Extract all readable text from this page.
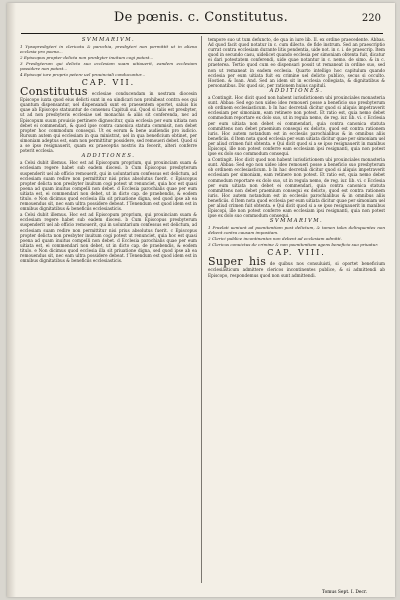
De pœnis. c. Constitutus.	220
SVMMARIVM.

1 Ypsopresbyteri in clericatu & parochia, presbyteri non permittit ut in aliena ecclesia pro poena...

2 Episcopus propter delicta non presbyter inuitum cogi potest...

3 Presbyterum qui delicto suo ecclesiam suam uitiauerit, eandem ecclesiam possidere non potest...

4 Episcopi iure proprio petere uel prouinciali conducuntur...

CAP. VII.

Constitutus ecclesiae conducendam in uestram diocesin Episcopo iuxta quod eius delicti sunt in ea uindicari non prohibeat contra eos qui quantum dispensantur, uel dispensandi sunt ex praesentem oportet, saluis his quae ab Episcopo statuuntur de consensu Capituli sui. Quod si talis est presbyter, ut ad non presbyteris ecclesiae uel monachis & aliis sit conferenda, nec ad Episcopum suum prouisio pertinere dignoscitur, quia ecclesia per eum uitiata non debet ei commendari, & quod ipse contra canonica statuta commisit, non debet propter hoc commodum consequi. Ut ex eorum & bene audiendis pro iudicio. Rursum autem qui ecclesiam in qua ministrat, uel in qua beneficium obtinet, per simoniam adeptus est, eam non permittitur possidere, sed remoueri debet. Quod si a se ipso resignauerit, quam ex praeceptis nostris ita fecerit, alteri conferre poterit ecclesia.

ADDITIONES.

a Celsi dubit illemus. Hoc est ad Episcopum proprium, qui prouinciam suam & ecclesiam regere habet sub eadem diocesi. b Cum Episcopus presbyterum suspenderit uel ab officio remouerit, qui in uoluntarium confessus est delictum, ad ecclesiam suam redire non permittitur nisi prius absolutus fuerit. c Episcopus propter delicta non presbyter inuitum cogi potest ut renunciet, quia hoc est quasi poena ad quam inuitus compelli non debet. d Ecclesia parochialis quae per eum uitiata est, ei commendari non debet, ut in dicto cap. de praebendis, & eodem titulo. e Non dicimus quod ecclesia illa sit priuatione digna, sed quod ipse ab ea remouendus sit, nec eam ultra possidere debeat. f Tenendum est quod idem est in omnibus dignitatibus & beneficiis ecclesiasticis.

a Celsi dubit illemus. Hoc est ad Episcopum proprium, qui prouinciam suam & ecclesiam regere habet sub eadem diocesi. b Cum Episcopus presbyterum suspenderit uel ab officio remouerit, qui in uoluntarium confessus est delictum, ad ecclesiam suam redire non permittitur nisi prius absolutus fuerit. c Episcopus propter delicta non presbyter inuitum cogi potest ut renunciet, quia hoc est quasi poena ad quam inuitus compelli non debet. d Ecclesia parochialis quae per eum uitiata est, ei commendari non debet, ut in dicto cap. de praebendis, & eodem titulo. e Non dicimus quod ecclesia illa sit priuatione digna, sed quod ipse ab ea remouendus sit, nec eam ultra possidere debeat. f Tenendum est quod idem est in omnibus dignitatibus & beneficiis ecclesiasticis.

tempore suo ut tum defuncto, de qua in iure lib. II. ex ordine praecedente. Abbas. Ad quod facit quod notatur in c. cum dilecto. de fide instrum. Sed an praescriptio currat contra ecclesiam durante litis pendentia, uide not. in c. i. de praescrip. Item quod in secundo casu, uidelicet quando ecclesia per simoniam obtenta fuit, dicatur ei dari potestatem conferendi, uide quae notantur in c. nemo. de simo. & in c. praeterea. Tertio quod cum eo dispensari possit ut remaneat in ordine suo, sed non ut remaneat in eadem ecclesia. Quarto intelligo hoc capitulum quando ecclesia per eum uitiata fuit ex crimine uel delicto publico, secus si occulto. Hostien. & Ioan. And. Sed an idem sit in ecclesia collegiata, & dignitatibus & personatibus. Dic quod sic, per rationem huius capitulí.

ADDITIONES.

a Contingit. Hoc dicit quod non habent iurisdictionem ubi prouinciales monasteria sunt. Abbas: Sed ego non uideo ideo remoueri posse a beneficio suo presbyterum ob ordinem ecclesiasticum. b In hac decretali dicitur quod si aliquis impetraverit ecclesiam per simoniam, eam retinere non potest. Et ratio est, quia nemo debet commodum reportare ex dolo suo, ut in regula nemo, de reg. iur. lib. vi. c Ecclesia per eum uitiata non debet ei commendari, quia contra canonica statuta committens non debet praemium consequi ex delicto, quod est contra rationem iuris. Hoc autem notandum est in ecclesiis parochialibus & in omnibus aliis beneficiis. d Item nota quod ecclesia per eum uitiata dicitur quae per simoniam uel per aliud crimen fuit obtenta. e Qui dicit quod si a se ipso resignauerit in manibus Episcopi, ille non potest conferre eam ecclesiam ipsi resignanti, quia non potest ipse ex dolo suo commodum consequi.

a Contingit. Hoc dicit quod non habent iurisdictionem ubi prouinciales monasteria sunt. Abbas: Sed ego non uideo ideo remoueri posse a beneficio suo presbyterum ob ordinem ecclesiasticum. b In hac decretali dicitur quod si aliquis impetraverit ecclesiam per simoniam, eam retinere non potest. Et ratio est, quia nemo debet commodum reportare ex dolo suo, ut in regula nemo, de reg. iur. lib. vi. c Ecclesia per eum uitiata non debet ei commendari, quia contra canonica statuta committens non debet praemium consequi ex delicto, quod est contra rationem iuris. Hoc autem notandum est in ecclesiis parochialibus & in omnibus aliis beneficiis. d Item nota quod ecclesia per eum uitiata dicitur quae per simoniam uel per aliud crimen fuit obtenta. e Qui dicit quod si a se ipso resignauerit in manibus Episcopi, ille non potest conferre eam ecclesiam ipsi resignanti, quia non potest ipse ex dolo suo commodum consequi.

SVMMARIVM.

1 Praelati ueniunt ad poenitentiam post delictum, & tamen tales delinquentes non debent contra causam impositam.

2 Clerici publice incontinentes non debent ad ecclesiam admitti.

3 Clericus conuictus de crimine & non poenitentiam agens beneficio suo priuatur.

CAP. VIII.

Super his de quibus nos consuluisti, si oportet beneficium ecclesiasticum admittere clericos incontinentes publice, & si admittendi ab Episcopo, respondemus quod non sunt admittendi.

Tomus Sept. I. Decr.
